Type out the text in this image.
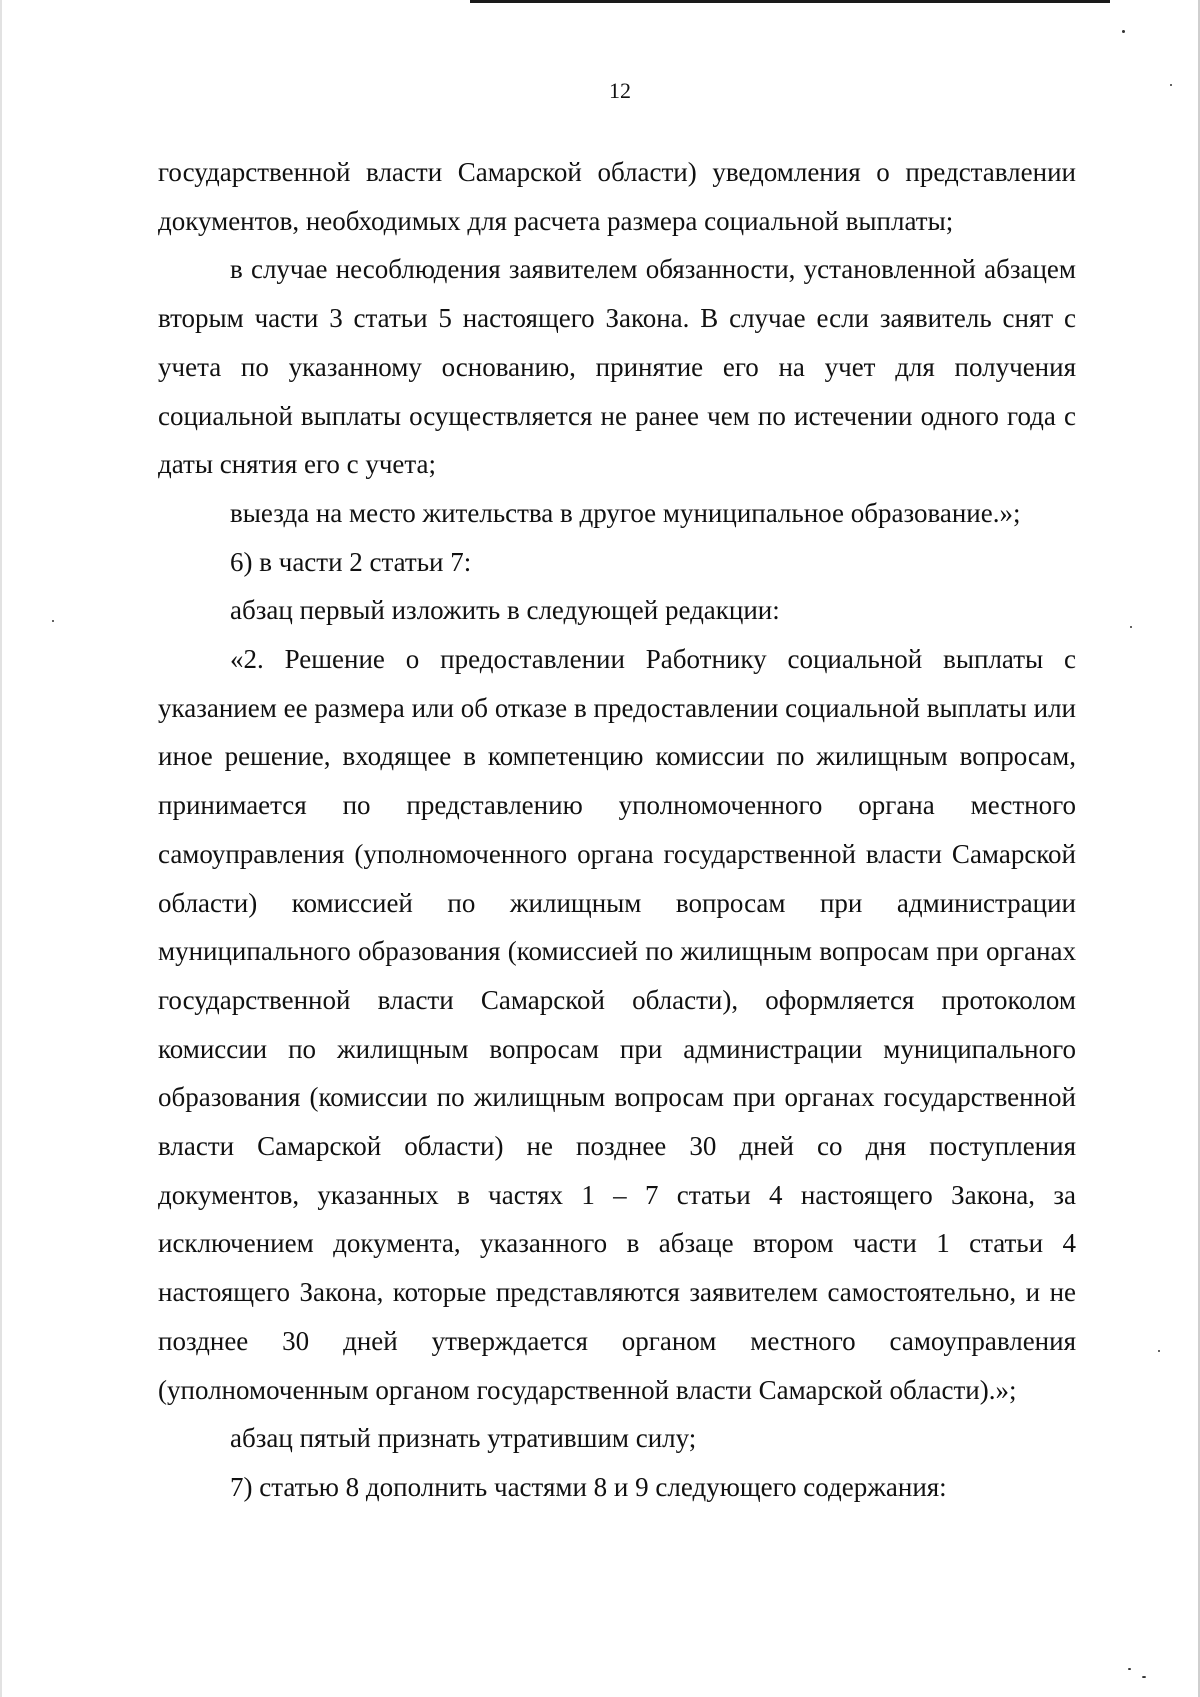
12

государственной власти Самарской области) уведомления о представлении документов, необходимых для расчета размера социальной выплаты;

в случае несоблюдения заявителем обязанности, установленной абзацем вторым части 3 статьи 5 настоящего Закона. В случае если заявитель снят с учета по указанному основанию, принятие его на учет для получения социальной выплаты осуществляется не ранее чем по истечении одного года с даты снятия его с учета;

выезда на место жительства в другое муниципальное образование.»;

6) в части 2 статьи 7:

абзац первый изложить в следующей редакции:

«2. Решение о предоставлении Работнику социальной выплаты с указанием ее размера или об отказе в предоставлении социальной выплаты или иное решение, входящее в компетенцию комиссии по жилищным вопросам, принимается по представлению уполномоченного органа местного самоуправления (уполномоченного органа государственной власти Самарской области) комиссией по жилищным вопросам при администрации муниципального образования (комиссией по жилищным вопросам при органах государственной власти Самарской области), оформляется протоколом комиссии по жилищным вопросам при администрации муниципального образования (комиссии по жилищным вопросам при органах государственной власти Самарской области) не позднее 30 дней со дня поступления документов, указанных в частях 1 – 7 статьи 4 настоящего Закона, за исключением документа, указанного в абзаце втором части 1 статьи 4 настоящего Закона, которые представляются заявителем самостоятельно, и не позднее 30 дней утверждается органом местного самоуправления (уполномоченным органом государственной власти Самарской области).»;

абзац пятый признать утратившим силу;

7) статью 8 дополнить частями 8 и 9 следующего содержания:
